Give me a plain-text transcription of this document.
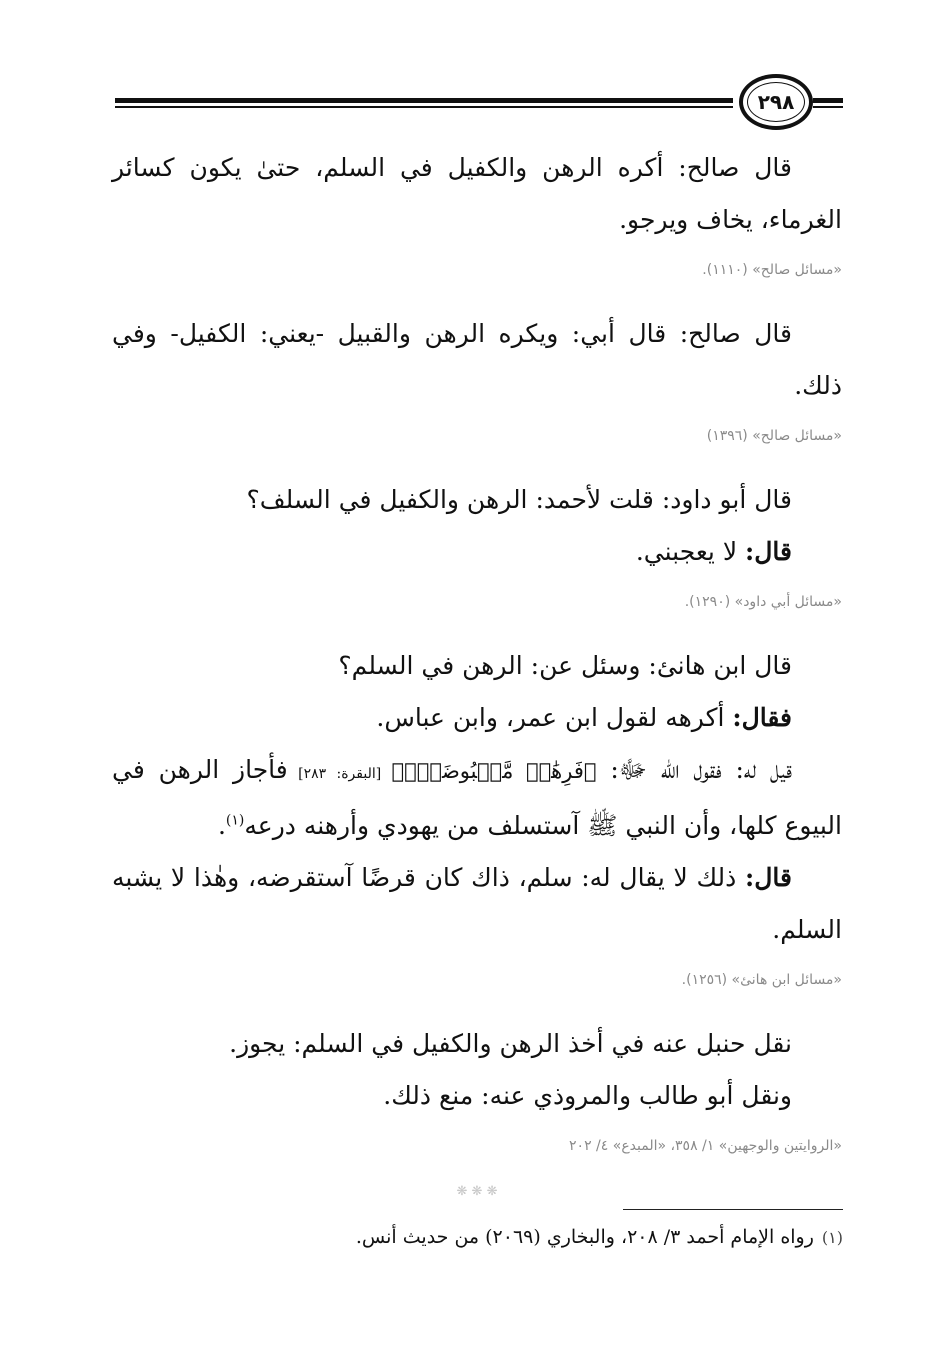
٢٩٨

قال صالح: أكره الرهن والكفيل في السلم، حتىٰ يكون كسائر الغرماء، يخاف ويرجو.

«مسائل صالح» (١١١٠).

قال صالح: قال أبي: ويكره الرهن والقبيل -يعني: الكفيل- وفي ذلك.

«مسائل صالح» (١٣٩٦)

قال أبو داود: قلت لأحمد: الرهن والكفيل في السلف؟

قال: لا يعجبني.

«مسائل أبي داود» (١٢٩٠).

قال ابن هانئ: وسئل عن: الرهن في السلم؟

فقال: أكرهه لقول ابن عمر، وابن عباس.

قيل له: فقول الله ﷻ: ﴿فَرِهَٰنٞ مَّقۡبُوضَةٞۖ﴾ [البقرة: ٢٨٣] فأجاز الرهن في البيوع كلها، وأن النبي ﷺ آستسلف من يهودي وأرهنه درعه$^{(١)}$.

قال: ذلك لا يقال له: سلم، ذاك كان قرضًا آستقرضه، وهٰذا لا يشبه السلم.

«مسائل ابن هانئ» (١٢٥٦).

نقل حنبل عنه في أخذ الرهن والكفيل في السلم: يجوز.

ونقل أبو طالب والمروذي عنه: منع ذلك.

«الروايتين والوجهين» ١/ ٣٥٨، «المبدع» ٤/ ٢٠٢
❋ ❋ ❋
(١)رواه الإمام أحمد ٣/ ٢٠٨، والبخاري (٢٠٦٩) من حديث أنس.
